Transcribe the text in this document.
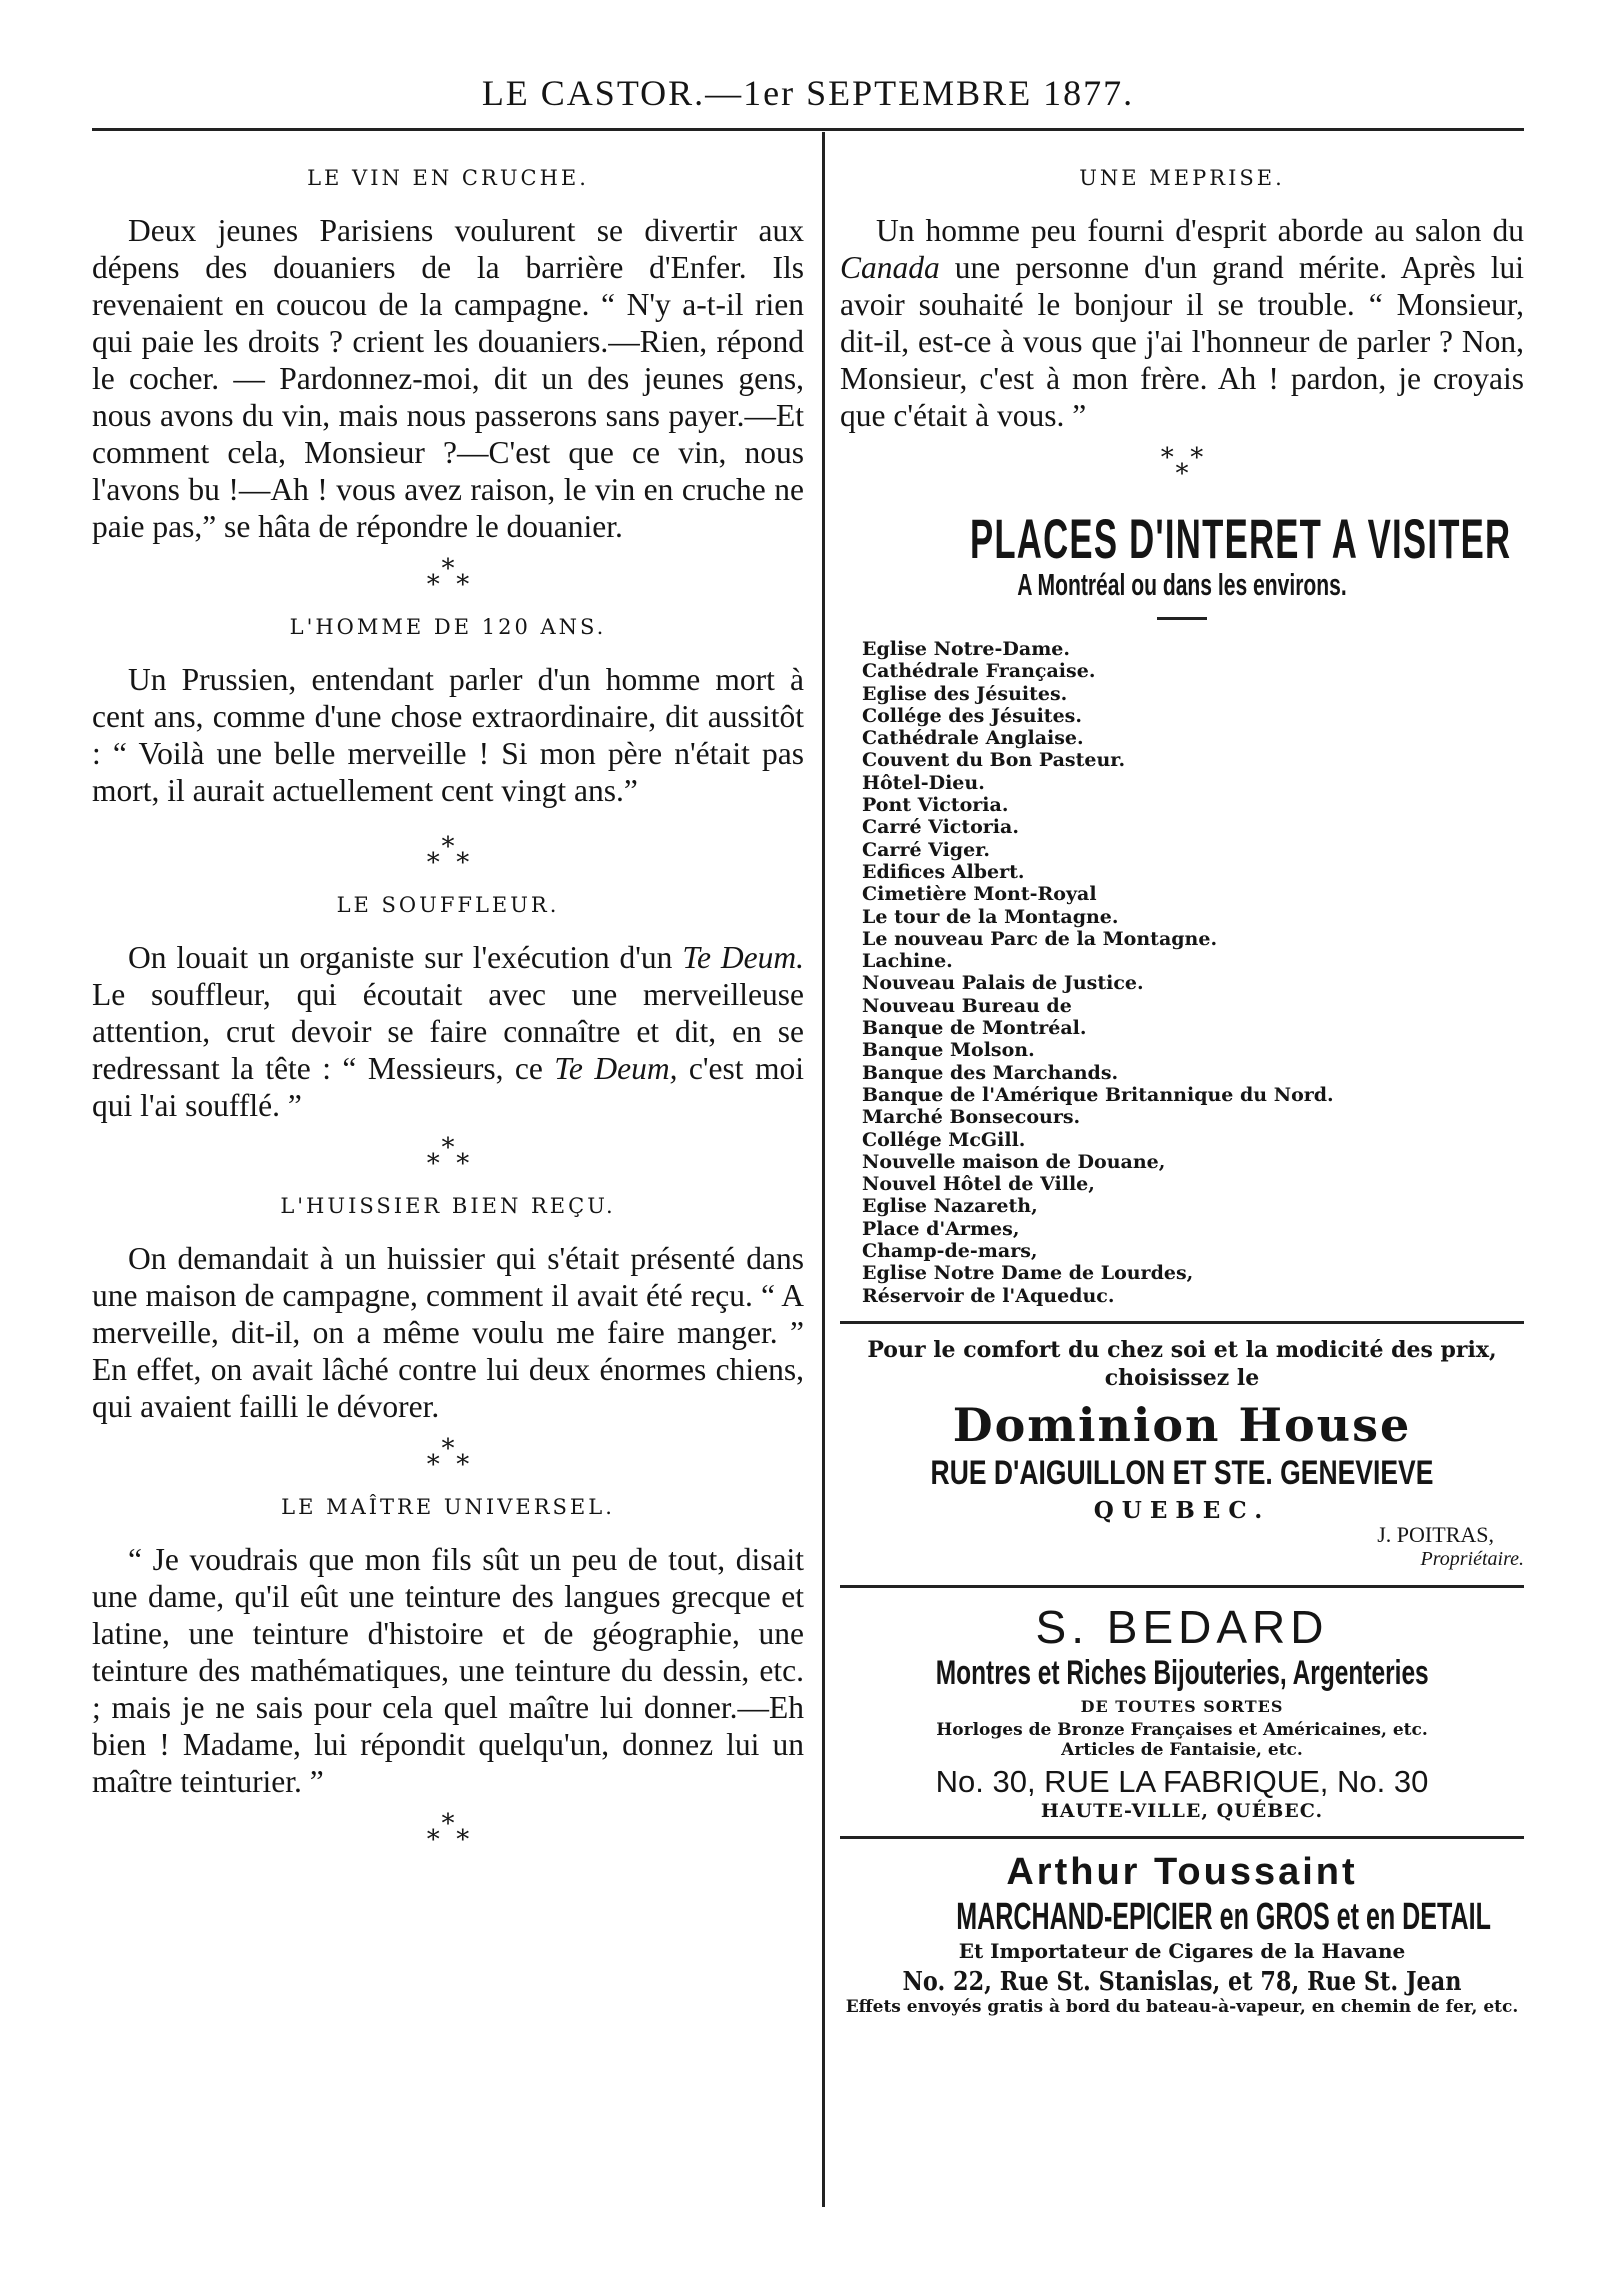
LE CASTOR.—1er SEPTEMBRE 1877.
LE VIN EN CRUCHE.

Deux jeunes Parisiens voulurent se divertir aux dépens des douaniers de la barrière d'Enfer. Ils revenaient en coucou de la campagne. “ N'y a-t-il rien qui paie les droits ? crient les douaniers.—Rien, répond le cocher. — Pardonnez-moi, dit un des jeunes gens, nous avons du vin, mais nous passerons sans payer.—Et comment cela, Monsieur ?—C'est que ce vin, nous l'avons bu !—Ah ! vous avez raison, le vin en cruche ne paie pas,” se hâta de répondre le douanier.

*
* *
L'HOMME DE 120 ANS.

Un Prussien, entendant parler d'un homme mort à cent ans, comme d'une chose extraordinaire, dit aussitôt : “ Voilà une belle merveille ! Si mon père n'était pas mort, il aurait actuellement cent vingt ans.”

*
* *
LE SOUFFLEUR.

On louait un organiste sur l'exécution d'un Te Deum. Le souffleur, qui écoutait avec une merveilleuse attention, crut devoir se faire connaître et dit, en se redressant la tête : “ Messieurs, ce Te Deum, c'est moi qui l'ai soufflé. ”

*
* *
L'HUISSIER BIEN REÇU.

On demandait à un huissier qui s'était présenté dans une maison de campagne, comment il avait été reçu. “ A merveille, dit-il, on a même voulu me faire manger. ” En effet, on avait lâché contre lui deux énormes chiens, qui avaient failli le dévorer.

*
* *
LE MAÎTRE UNIVERSEL.

“ Je voudrais que mon fils sût un peu de tout, disait une dame, qu'il eût une teinture des langues grecque et latine, une teinture d'histoire et de géographie, une teinture des mathématiques, une teinture du dessin, etc. ; mais je ne sais pour cela quel maître lui donner.—Eh bien ! Madame, lui répondit quelqu'un, donnez lui un maître teinturier. ”

*
* *
UNE MEPRISE.

Un homme peu fourni d'esprit aborde au salon du Canada une personne d'un grand mérite. Après lui avoir souhaité le bonjour il se trouble. “ Monsieur, dit-il, est-ce à vous que j'ai l'honneur de parler ? Non, Monsieur, c'est à mon frère. Ah ! pardon, je croyais que c'était à vous. ”

* *
*
PLACES D'INTERET A VISITER
A Montréal ou dans les environs.
Eglise Notre-Dame.
Cathédrale Française.
Eglise des Jésuites.
Collége des Jésuites.
Cathédrale Anglaise.
Couvent du Bon Pasteur.
Hôtel-Dieu.
Pont Victoria.
Carré Victoria.
Carré Viger.
Edifices Albert.
Cimetière Mont-Royal
Le tour de la Montagne.
Le nouveau Parc de la Montagne.
Lachine.
Nouveau Palais de Justice.
Nouveau Bureau de
Banque de Montréal.
Banque Molson.
Banque des Marchands.
Banque de l'Amérique Britannique du Nord.
Marché Bonsecours.
Collége McGill.
Nouvelle maison de Douane,
Nouvel Hôtel de Ville,
Eglise Nazareth,
Place d'Armes,
Champ-de-mars,
Eglise Notre Dame de Lourdes,
Réservoir de l'Aqueduc.
Pour le comfort du chez soi et la modicité des prix, choisissez le
Dominion House
RUE D'AIGUILLON ET STE. GENEVIEVE
QUEBEC.
J. POITRAS,
Propriétaire.
S. BEDARD
Montres et Riches Bijouteries, Argenteries
DE TOUTES SORTES
Horloges de Bronze Françaises et Américaines, etc.
Articles de Fantaisie, etc.
No. 30, RUE LA FABRIQUE, No. 30
HAUTE-VILLE, QUÉBEC.
Arthur Toussaint
MARCHAND-EPICIER en GROS et en DETAIL
Et Importateur de Cigares de la Havane
No. 22, Rue St. Stanislas, et 78, Rue St. Jean
Effets envoyés gratis à bord du bateau-à-vapeur, en chemin de fer, etc.
